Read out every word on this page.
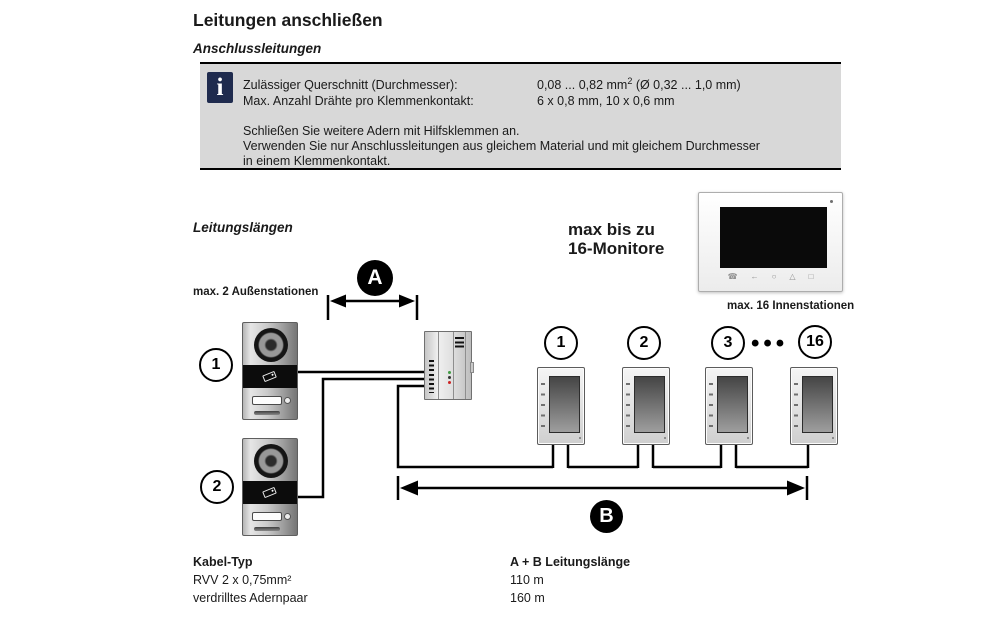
Leitungen anschließen
Anschlussleitungen
i	Zulässiger Querschnitt (Durchmesser):	0,08 ... 0,82 $mm^2$ (Ø 0,32 ... 1,0 mm)
Max. Anzahl Drähte pro Klemmenkontakt:	6 x 0,8 mm, 10 x 0,6 mm
Schließen Sie weitere Adern mit Hilfsklemmen an.
Verwenden Sie nur Anschlussleitungen aus gleichem Material und mit gleichem Durchmesser
in einem Klemmenkontakt.
Leitungslängen
max. 2 Außenstationen
max bis zu
16-Monitore
max. 16 Innenstationen
☎ ← ○ △ □
A
B
1
2
1	2	3 •••	16
Kabel-Typ
RVV 2 x 0,75mm²
verdrilltes Adernpaar
A + B Leitungslänge
110 m
160 m
